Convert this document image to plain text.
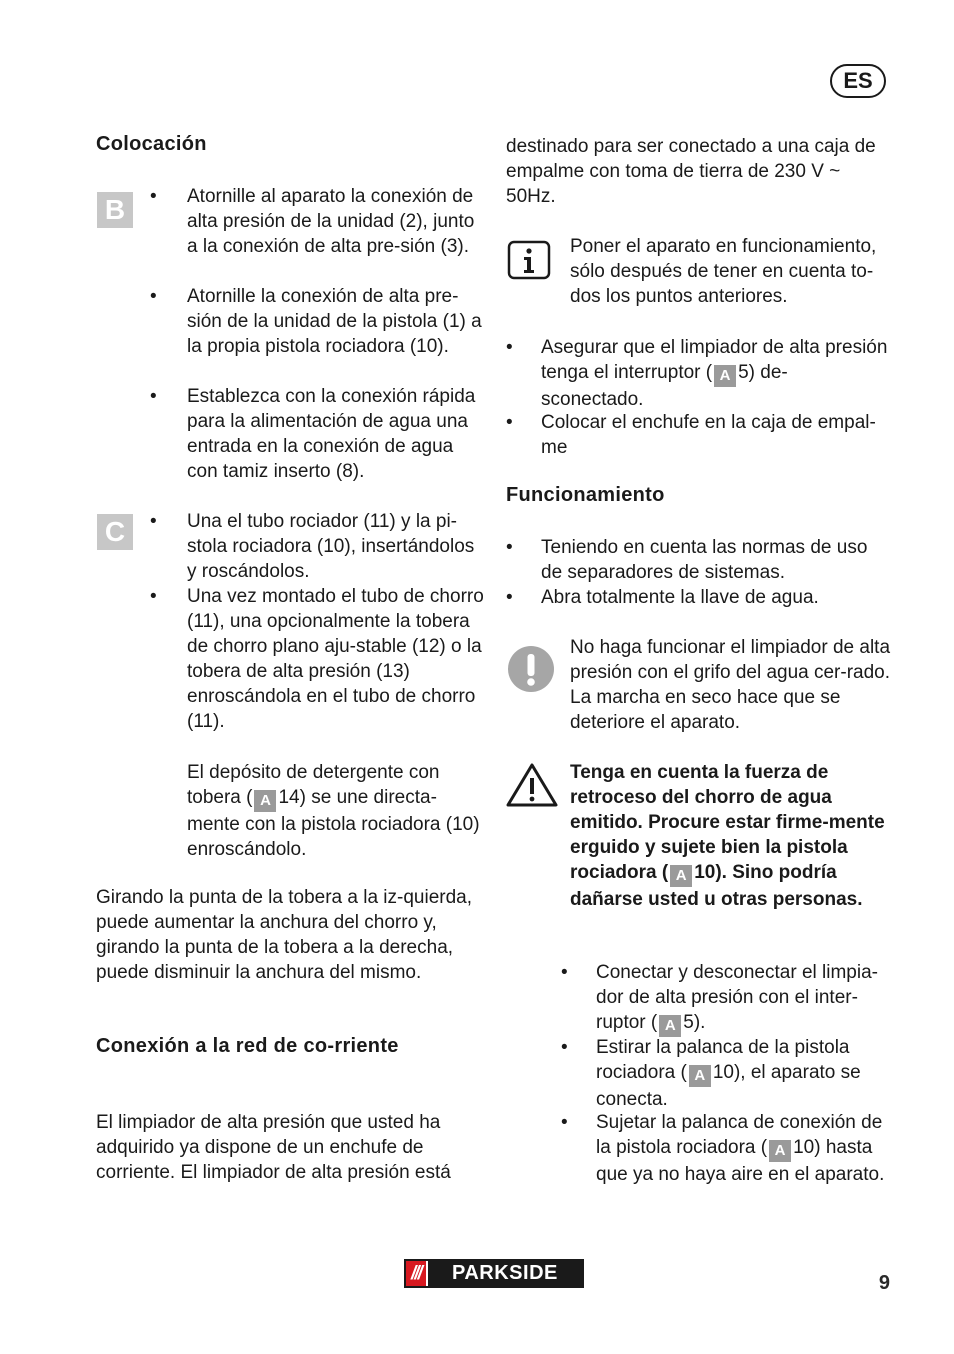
ES
Colocación
B	• Atornille al aparato la conexión de alta presión de la unidad (2), junto a la conexión de alta pre-sión (3).
• Atornille la conexión de alta pre-sión de la unidad de la pistola (1) a la propia pistola rociadora (10).
• Establezca con la conexión rápida para la alimentación de agua una entrada en la conexión de agua con tamiz inserto (8).
C	• Una el tubo rociador (11) y la pi-stola rociadora (10), insertándolos y roscándolos.
• Una vez montado el tubo de chorro (11), una opcionalmente la tobera de chorro plano aju-stable (12) o la tobera de alta presión (13) enroscándola en el tubo de chorro (11).
El depósito de detergente con tobera ( A 14) se une directa-mente con la pistola rociadora (10) enroscándolo.
Girando la punta de la tobera a la iz-quierda, puede aumentar la anchura del chorro y, girando la punta de la tobera a la derecha, puede disminuir la anchura del mismo.
Conexión a la red de co-rriente
El limpiador de alta presión que usted ha adquirido ya dispone de un enchufe de corriente. El limpiador de alta presión está
destinado para ser conectado a una caja de empalme con toma de tierra de 230 V ~ 50Hz.
Poner el aparato en funcionamiento, sólo después de tener en cuenta to-dos los puntos anteriores.
• Asegurar que el limpiador de alta presión tenga el interruptor ( A 5) de-sconectado.
• Colocar el enchufe en la caja de empal-me
Funcionamiento
• Teniendo en cuenta las normas de uso de separadores de sistemas.
• Abra totalmente la llave de agua.
No haga funcionar el limpiador de alta presión con el grifo del agua cer-rado. La marcha en seco hace que se deteriore el aparato.
Tenga en cuenta la fuerza de retroceso del chorro de agua emitido. Procure estar firme-mente erguido y sujete bien la pistola rociadora ( A 10). Sino podría dañarse usted u otras personas.
• Conectar y desconectar el limpia-dor de alta presión con el inter-ruptor ( A 5).
• Estirar la palanca de la pistola rociadora ( A 10), el aparato se conecta.
• Sujetar la palanca de conexión de la pistola rociadora ( A 10) hasta que ya no haya aire en el aparato.
///	PARKSIDE	9
